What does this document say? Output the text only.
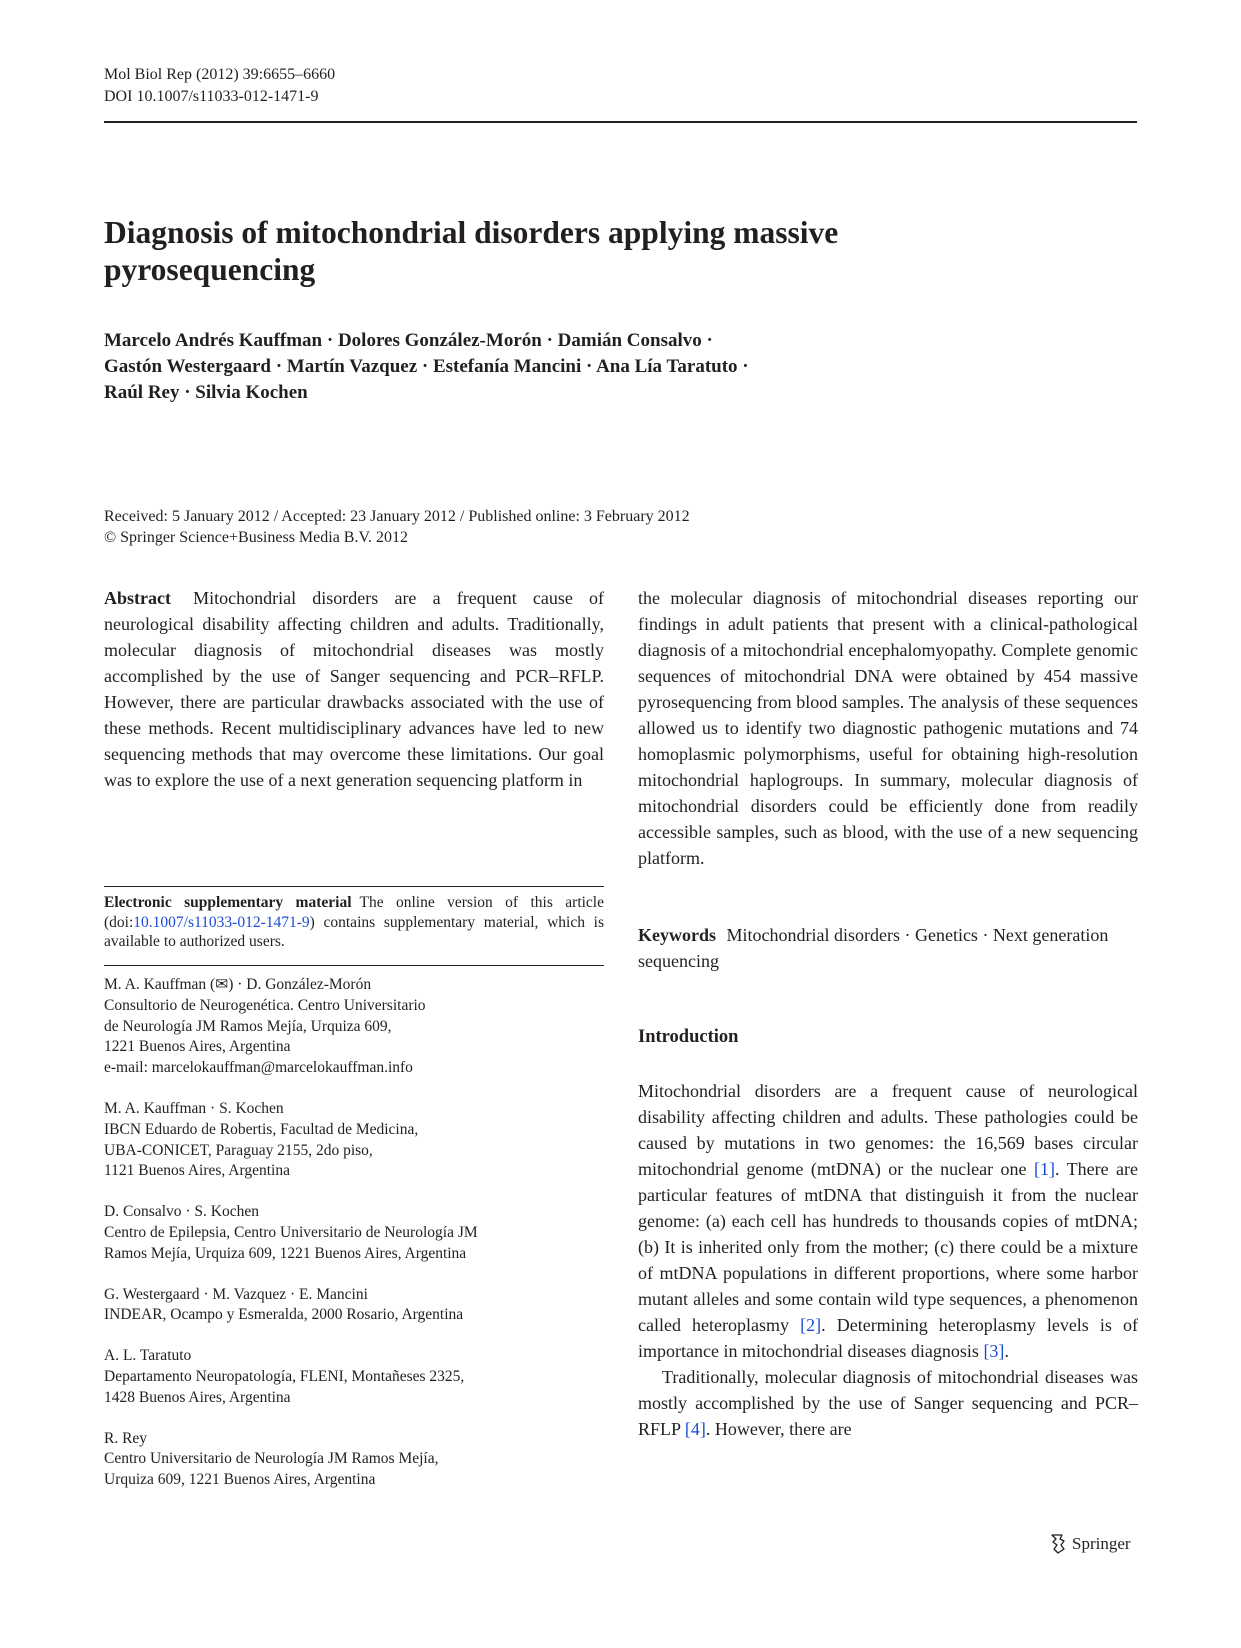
Mol Biol Rep (2012) 39:6655–6660
DOI 10.1007/s11033-012-1471-9
Diagnosis of mitochondrial disorders applying massive pyrosequencing
Marcelo Andrés Kauffman · Dolores González-Morón · Damián Consalvo ·
Gastón Westergaard · Martín Vazquez · Estefanía Mancini · Ana Lía Taratuto ·
Raúl Rey · Silvia Kochen
Received: 5 January 2012 / Accepted: 23 January 2012 / Published online: 3 February 2012
© Springer Science+Business Media B.V. 2012
Abstract Mitochondrial disorders are a frequent cause of neurological disability affecting children and adults. Traditionally, molecular diagnosis of mitochondrial diseases was mostly accomplished by the use of Sanger sequencing and PCR–RFLP. However, there are particular drawbacks associated with the use of these methods. Recent multidisciplinary advances have led to new sequencing methods that may overcome these limitations. Our goal was to explore the use of a next generation sequencing platform in
Electronic supplementary material The online version of this article (doi:10.1007/s11033-012-1471-9) contains supplementary material, which is available to authorized users.
M. A. Kauffman (✉) · D. González-Morón
Consultorio de Neurogenética. Centro Universitario
de Neurología JM Ramos Mejía, Urquiza 609,
1221 Buenos Aires, Argentina
e-mail: marcelokauffman@marcelokauffman.info
M. A. Kauffman · S. Kochen
IBCN Eduardo de Robertis, Facultad de Medicina,
UBA-CONICET, Paraguay 2155, 2do piso,
1121 Buenos Aires, Argentina
D. Consalvo · S. Kochen
Centro de Epilepsia, Centro Universitario de Neurología JM
Ramos Mejía, Urquiza 609, 1221 Buenos Aires, Argentina
G. Westergaard · M. Vazquez · E. Mancini
INDEAR, Ocampo y Esmeralda, 2000 Rosario, Argentina
A. L. Taratuto
Departamento Neuropatología, FLENI, Montañeses 2325,
1428 Buenos Aires, Argentina
R. Rey
Centro Universitario de Neurología JM Ramos Mejía,
Urquiza 609, 1221 Buenos Aires, Argentina
the molecular diagnosis of mitochondrial diseases reporting our findings in adult patients that present with a clinical-pathological diagnosis of a mitochondrial encephalomyopathy. Complete genomic sequences of mitochondrial DNA were obtained by 454 massive pyrosequencing from blood samples. The analysis of these sequences allowed us to identify two diagnostic pathogenic mutations and 74 homoplasmic polymorphisms, useful for obtaining high-resolution mitochondrial haplogroups. In summary, molecular diagnosis of mitochondrial disorders could be efficiently done from readily accessible samples, such as blood, with the use of a new sequencing platform.
Keywords Mitochondrial disorders · Genetics · Next generation sequencing
Introduction

Mitochondrial disorders are a frequent cause of neurological disability affecting children and adults. These pathologies could be caused by mutations in two genomes: the 16,569 bases circular mitochondrial genome (mtDNA) or the nuclear one [1]. There are particular features of mtDNA that distinguish it from the nuclear genome: (a) each cell has hundreds to thousands copies of mtDNA; (b) It is inherited only from the mother; (c) there could be a mixture of mtDNA populations in different proportions, where some harbor mutant alleles and some contain wild type sequences, a phenomenon called heteroplasmy [2]. Determining heteroplasmy levels is of importance in mitochondrial diseases diagnosis [3].

Traditionally, molecular diagnosis of mitochondrial diseases was mostly accomplished by the use of Sanger sequencing and PCR–RFLP [4]. However, there are

Springer
